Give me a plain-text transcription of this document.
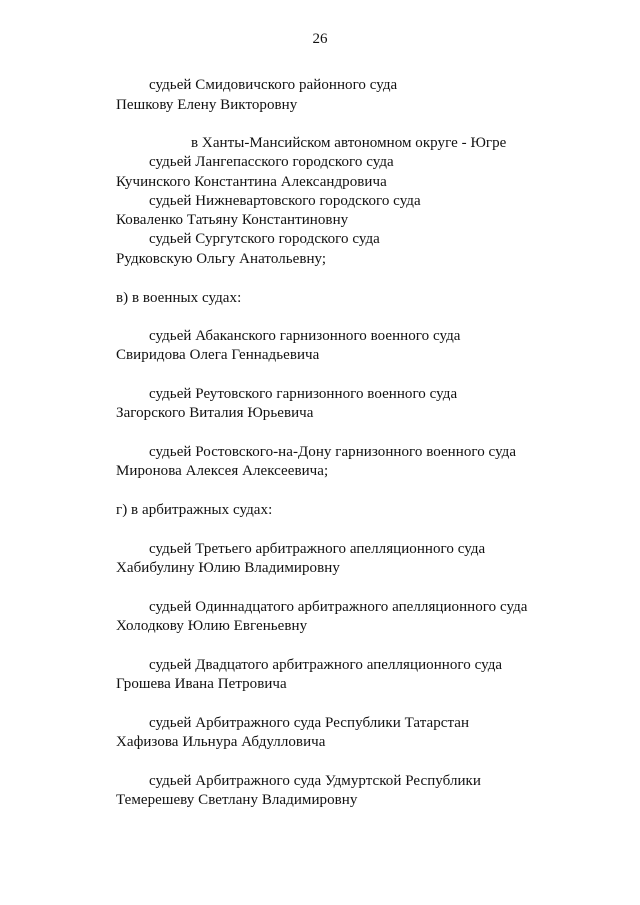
26
судьей Смидовичского районного суда
Пешкову Елену Викторовну
в Ханты-Мансийском автономном округе - Югре
судьей Лангепасского городского суда
Кучинского Константина Александровича
судьей Нижневартовского городского суда
Коваленко Татьяну Константиновну
судьей Сургутского городского суда
Рудковскую Ольгу Анатольевну;
в) в военных судах:
судьей Абаканского гарнизонного военного суда
Свиридова Олега Геннадьевича
судьей Реутовского гарнизонного военного суда
Загорского Виталия Юрьевича
судьей Ростовского-на-Дону гарнизонного военного суда
Миронова Алексея Алексеевича;
г) в арбитражных судах:
судьей Третьего арбитражного апелляционного суда
Хабибулину Юлию Владимировну
судьей Одиннадцатого арбитражного апелляционного суда
Холодкову Юлию Евгеньевну
судьей Двадцатого арбитражного апелляционного суда
Грошева Ивана Петровича
судьей Арбитражного суда Республики Татарстан
Хафизова Ильнура Абдулловича
судьей Арбитражного суда Удмуртской Республики
Темерешеву Светлану Владимировну
